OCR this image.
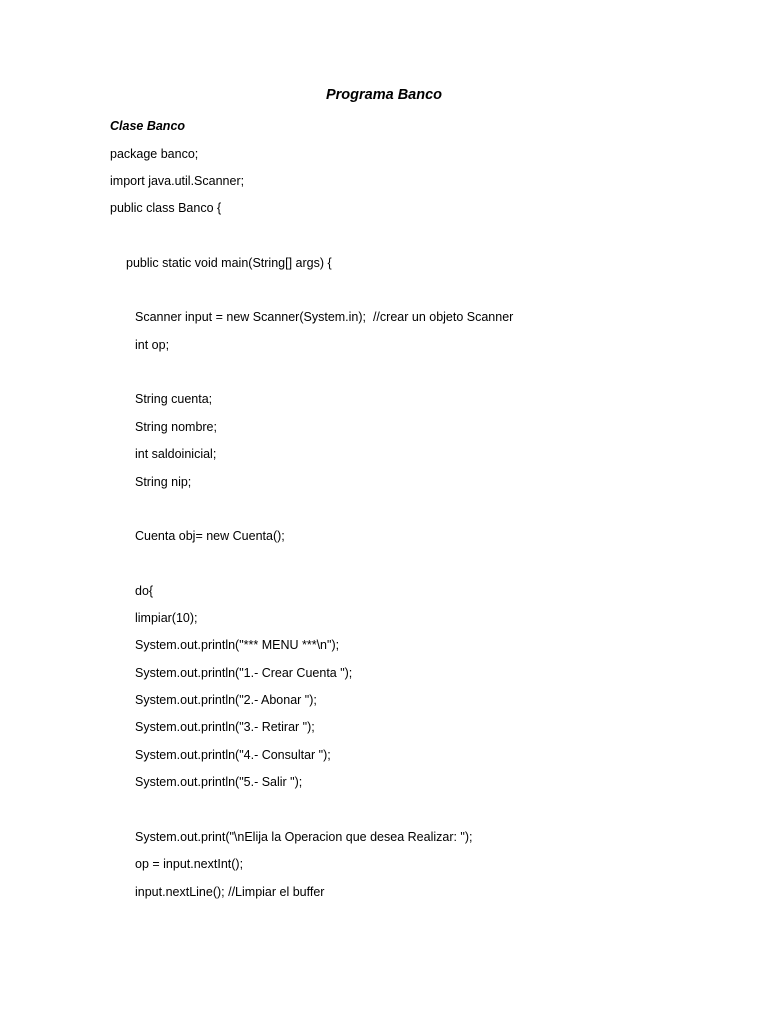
Programa Banco
Clase Banco
package banco;
import java.util.Scanner;
public class Banco {
public static void main(String[] args) {
Scanner input = new Scanner(System.in);  //crear un objeto Scanner
int op;
String cuenta;
String nombre;
int saldoinicial;
String nip;
Cuenta obj= new Cuenta();
do{
limpiar(10);
System.out.println("*** MENU ***\n");
System.out.println("1.- Crear Cuenta ");
System.out.println("2.- Abonar ");
System.out.println("3.- Retirar ");
System.out.println("4.- Consultar ");
System.out.println("5.- Salir ");
System.out.print("\nElija la Operacion que desea Realizar: ");
op = input.nextInt();
input.nextLine(); //Limpiar el buffer
